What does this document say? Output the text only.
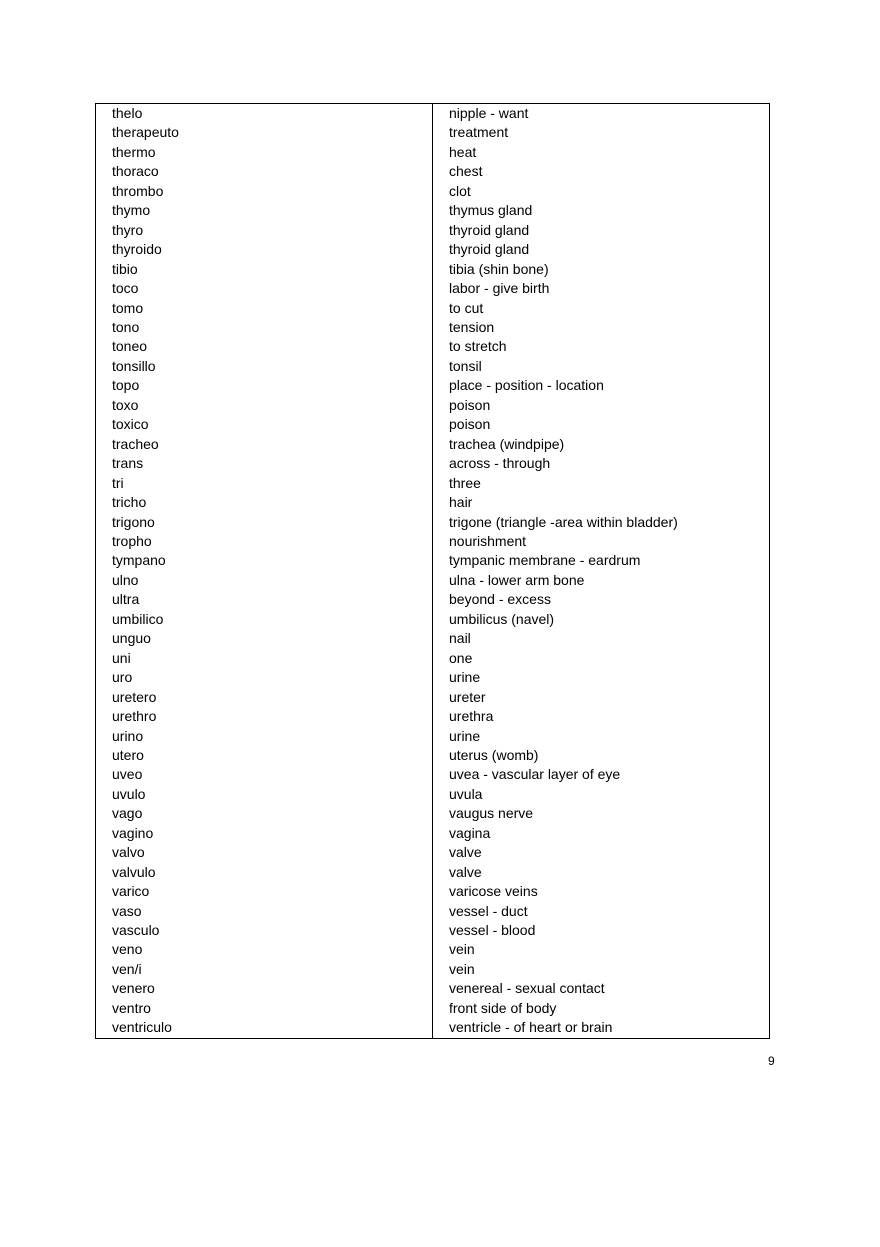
thelo	nipple - want
therapeuto	treatment
thermo	heat
thoraco	chest
thrombo	clot
thymo	thymus gland
thyro	thyroid gland
thyroido	thyroid gland
tibio	tibia (shin bone)
toco	labor - give birth
tomo	to cut
tono	tension
toneo	to stretch
tonsillo	tonsil
topo	place - position - location
toxo	poison
toxico	poison
tracheo	trachea (windpipe)
trans	across - through
tri	three
tricho	hair
trigono	trigone (triangle -area within bladder)
tropho	nourishment
tympano	tympanic membrane - eardrum
ulno	ulna - lower arm bone
ultra	beyond - excess
umbilico	umbilicus (navel)
unguo	nail
uni	one
uro	urine
uretero	ureter
urethro	urethra
urino	urine
utero	uterus (womb)
uveo	uvea - vascular layer of eye
uvulo	uvula
vago	vaugus nerve
vagino	vagina
valvo	valve
valvulo	valve
varico	varicose veins
vaso	vessel - duct
vasculo	vessel - blood
veno	vein
ven/i	vein
venero	venereal - sexual contact
ventro	front side of body
ventriculo	ventricle - of heart or brain
9
